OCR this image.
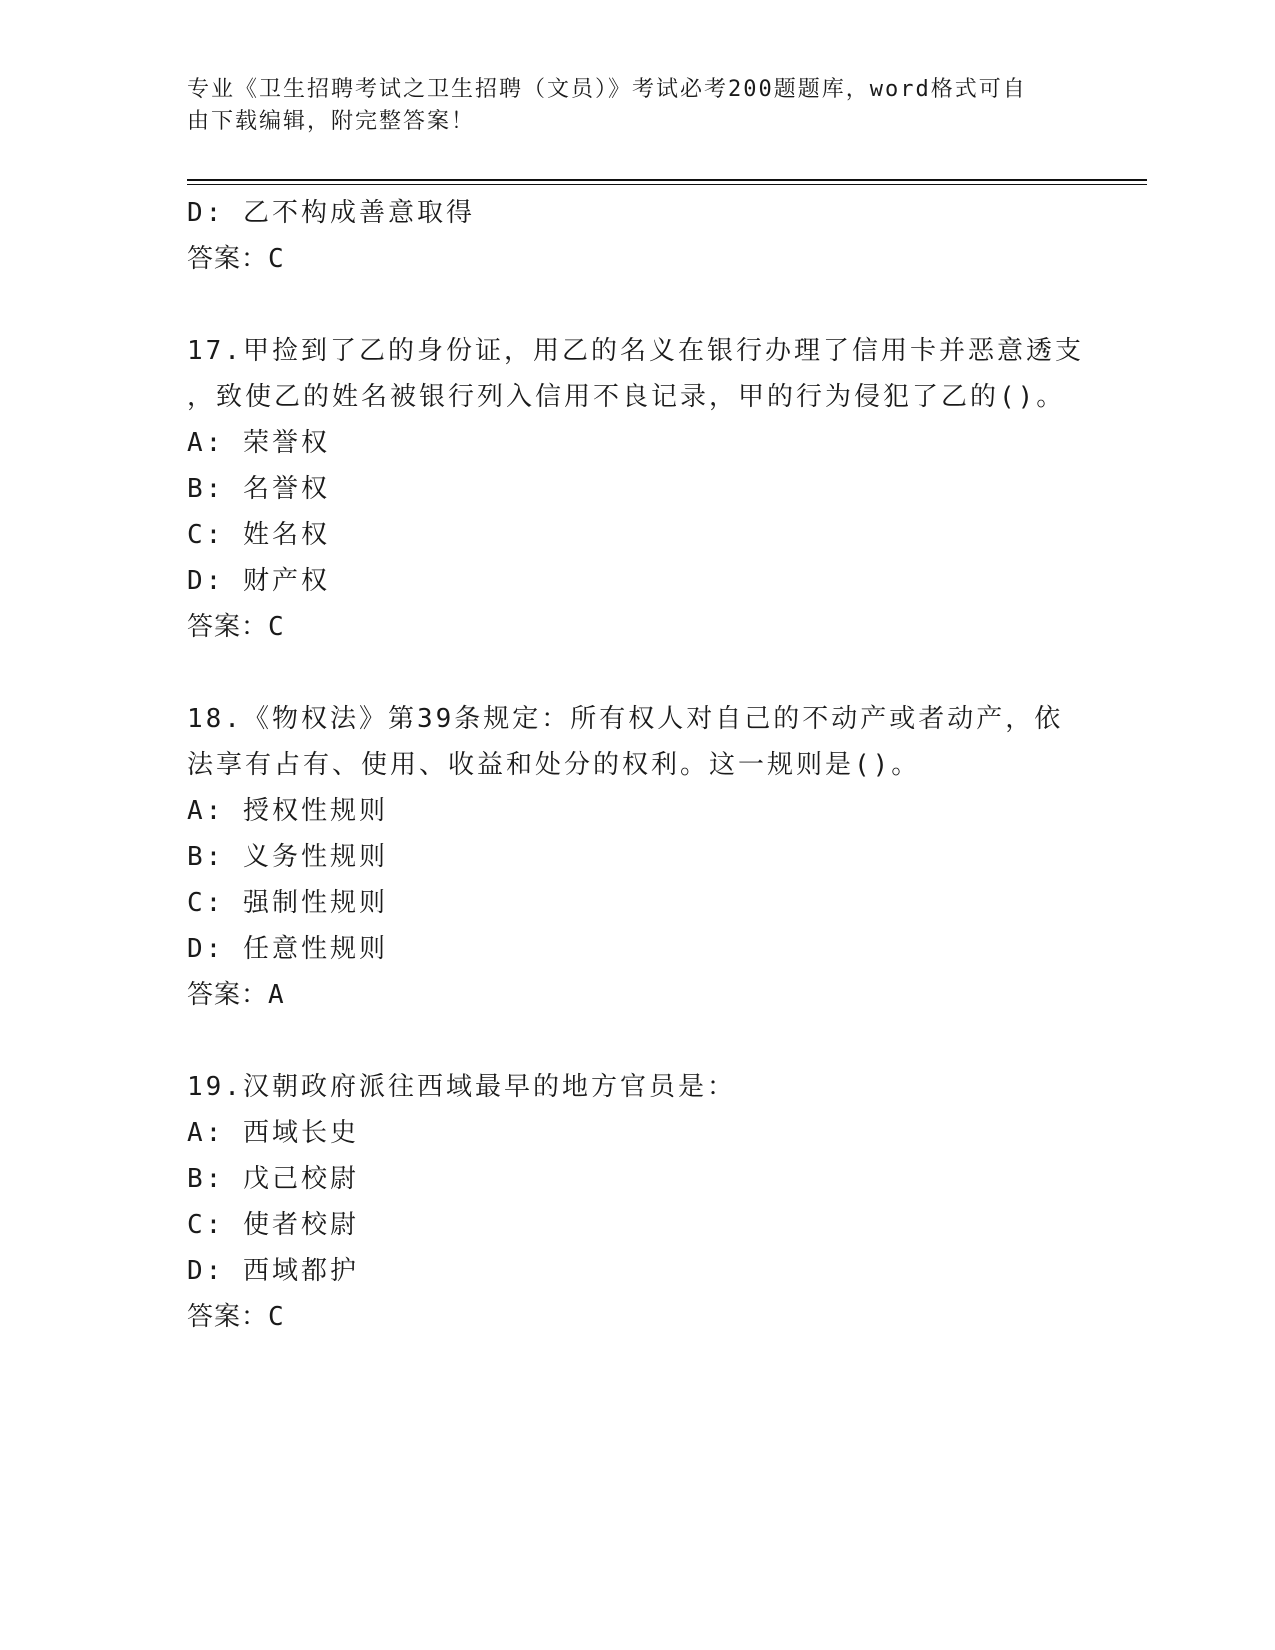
专业《卫生招聘考试之卫生招聘（文员）》考试必考200题题库，word格式可自
由下载编辑，附完整答案！
D: 乙不构成善意取得
答案：C
17.甲捡到了乙的身份证，用乙的名义在银行办理了信用卡并恶意透支
，致使乙的姓名被银行列入信用不良记录，甲的行为侵犯了乙的()。
A: 荣誉权
B: 名誉权
C: 姓名权
D: 财产权
答案：C
18.《物权法》第39条规定：所有权人对自己的不动产或者动产，依
法享有占有、使用、收益和处分的权利。这一规则是()。
A: 授权性规则
B: 义务性规则
C: 强制性规则
D: 任意性规则
答案：A
19.汉朝政府派往西域最早的地方官员是：
A: 西域长史
B: 戊己校尉
C: 使者校尉
D: 西域都护
答案：C
